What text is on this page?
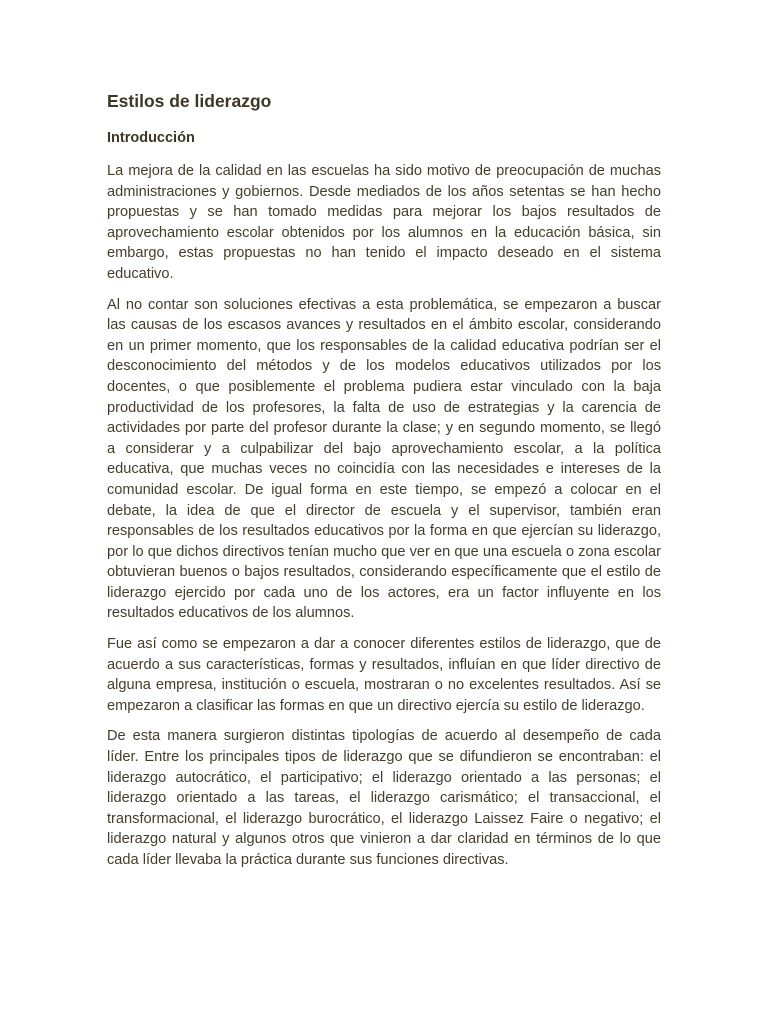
Estilos de liderazgo
Introducción

La mejora de la calidad en las escuelas ha sido motivo de preocupación de muchas administraciones y gobiernos. Desde mediados de los años setentas se han hecho propuestas y se han tomado medidas para mejorar los bajos resultados de aprovechamiento escolar obtenidos por los alumnos en la educación básica, sin embargo, estas propuestas no han tenido el impacto deseado en el sistema educativo.

Al no contar son soluciones efectivas a esta problemática, se empezaron a buscar las causas de los escasos avances y resultados en el ámbito escolar, considerando en un primer momento, que los responsables de la calidad educativa podrían ser el desconocimiento del métodos y de los modelos educativos utilizados por los docentes, o que posiblemente el problema pudiera estar vinculado con la baja productividad de los profesores, la falta de uso de estrategias y la carencia de actividades por parte del profesor durante la clase; y en segundo momento, se llegó a considerar y a culpabilizar del bajo aprovechamiento escolar, a la política educativa, que muchas veces no coincidía con las necesidades e intereses de la comunidad escolar. De igual forma en este tiempo, se empezó a colocar en el debate, la idea de que el director de escuela y el supervisor, también eran responsables de los resultados educativos por la forma en que ejercían su liderazgo, por lo que dichos directivos tenían mucho que ver en que una escuela o zona escolar obtuvieran buenos o bajos resultados, considerando específicamente que el estilo de liderazgo ejercido por cada uno de los actores, era un factor influyente en los resultados educativos de los alumnos.

Fue así como se empezaron a dar a conocer diferentes estilos de liderazgo, que de acuerdo a sus características, formas y resultados, influían en que líder directivo de alguna empresa, institución o escuela, mostraran o no excelentes resultados. Así se empezaron a clasificar las formas en que un directivo ejercía su estilo de liderazgo.

De esta manera surgieron distintas tipologías de acuerdo al desempeño de cada líder. Entre los principales tipos de liderazgo que se difundieron se encontraban: el liderazgo autocrático, el participativo; el liderazgo orientado a las personas; el liderazgo orientado a las tareas, el liderazgo carismático; el transaccional, el transformacional, el liderazgo burocrático, el liderazgo Laissez Faire o negativo; el liderazgo natural y algunos otros que vinieron a dar claridad en términos de lo que cada líder llevaba la práctica durante sus funciones directivas.
